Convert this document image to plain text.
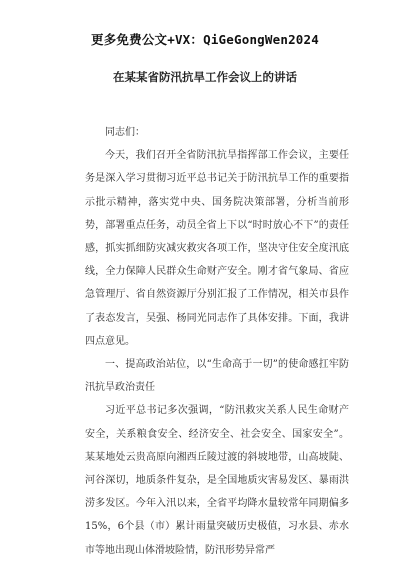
更多免费公文+VX：QiGeGongWen2024
在某某省防汛抗旱工作会议上的讲话

同志们：

今天，我们召开全省防汛抗旱指挥部工作会议，主要任务是深入学习贯彻习近平总书记关于防汛抗旱工作的重要指示批示精神，落实党中央、国务院决策部署，分析当前形势，部署重点任务，动员全省上下以“时时放心不下”的责任感，抓实抓细防灾减灾救灾各项工作，坚决守住安全度汛底线，全力保障人民群众生命财产安全。刚才省气象局、省应急管理厅、省自然资源厅分别汇报了工作情况，相关市县作了表态发言，吴强、杨同光同志作了具体安排。下面，我讲四点意见。

一、提高政治站位，以“生命高于一切”的使命感扛牢防汛抗旱政治责任

习近平总书记多次强调，“防汛救灾关系人民生命财产安全，关系粮食安全、经济安全、社会安全、国家安全”。某某地处云贵高原向湘西丘陵过渡的斜坡地带，山高坡陡、河谷深切，地质条件复杂，是全国地质灾害易发区、暴雨洪涝多发区。今年入汛以来，全省平均降水量较常年同期偏多15%，6个县（市）累计雨量突破历史极值，习水县、赤水市等地出现山体滑坡险情，防汛形势异常严
